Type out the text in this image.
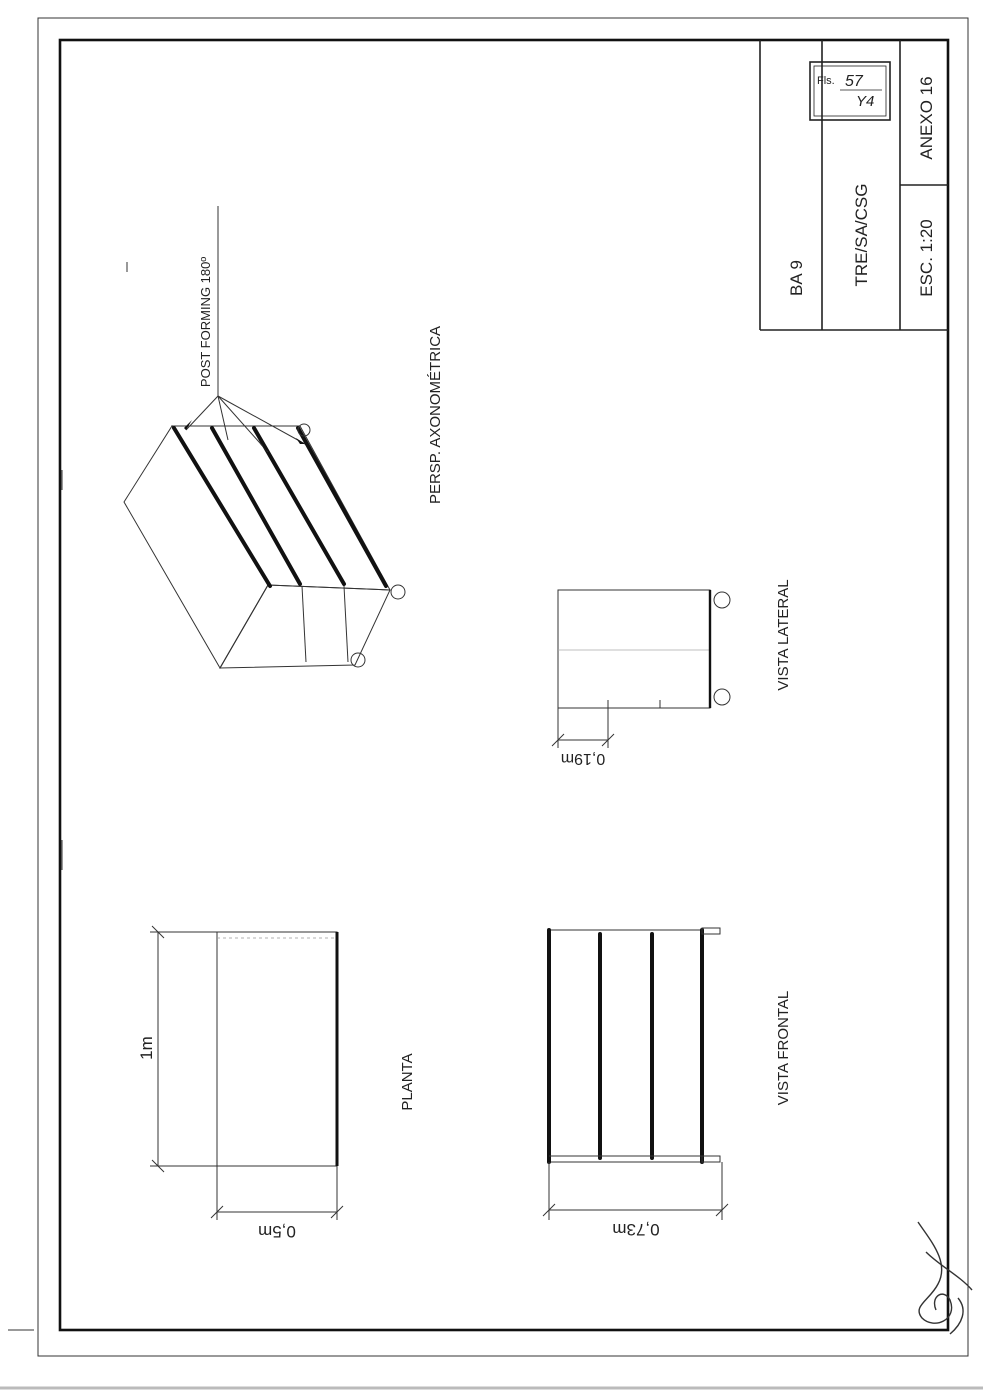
BA 9	TRE/SA/CSG	ESC. 1:20
ANEXO 16
Fls. 57
Y4
1m
0,5m
PLANTA
0,73m
VISTA FRONTAL
0,19m
VISTA LATERAL
POST FORMING 180º
PERSP. AXONOMÉTRICA
